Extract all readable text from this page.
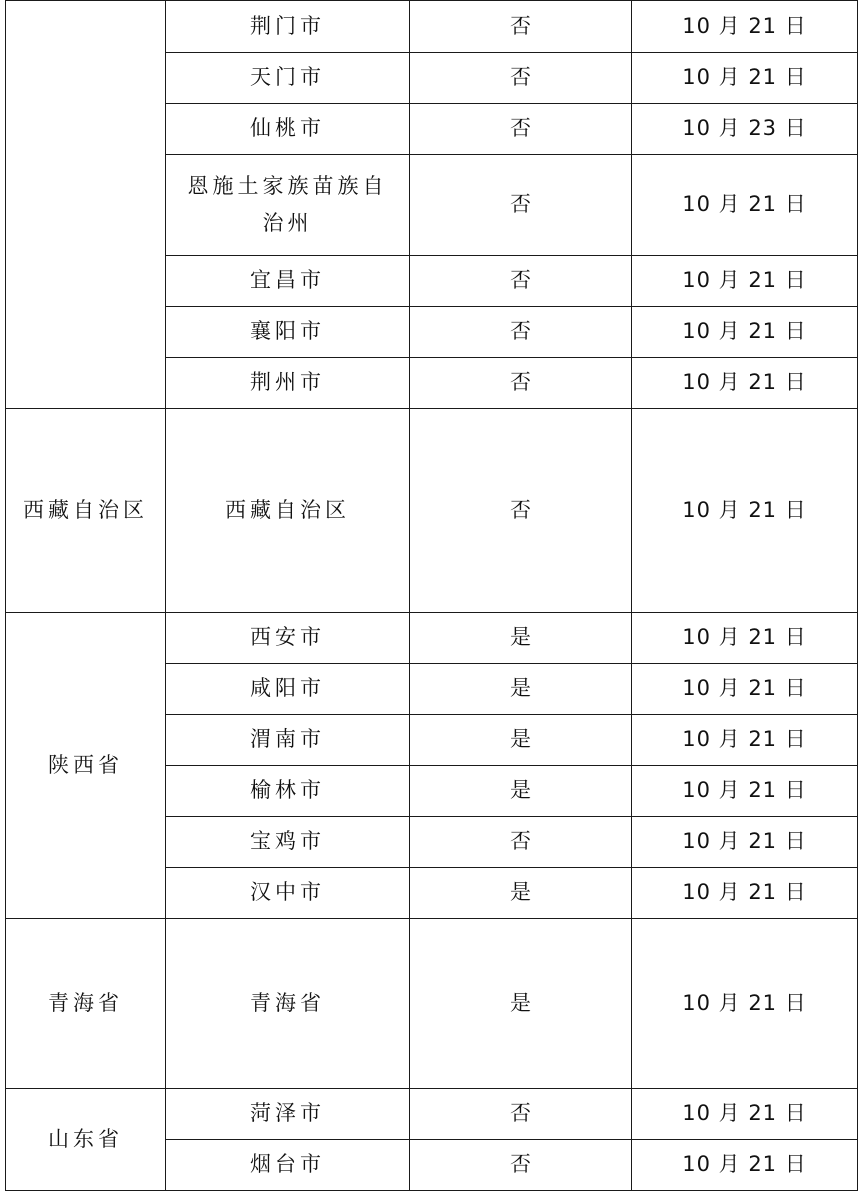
	荆门市	否	10 月 21 日
	天门市	否	10 月 21 日
	仙桃市	否	10 月 23 日
	恩施土家族苗族自治州	否	10 月 21 日
	宜昌市	否	10 月 21 日
	襄阳市	否	10 月 21 日
	荆州市	否	10 月 21 日
西藏自治区	西藏自治区	否	10 月 21 日
陕西省	西安市	是	10 月 21 日
	咸阳市	是	10 月 21 日
	渭南市	是	10 月 21 日
	榆林市	是	10 月 21 日
	宝鸡市	否	10 月 21 日
	汉中市	是	10 月 21 日
青海省	青海省	是	10 月 21 日
山东省	菏泽市	否	10 月 21 日
	烟台市	否	10 月 21 日
